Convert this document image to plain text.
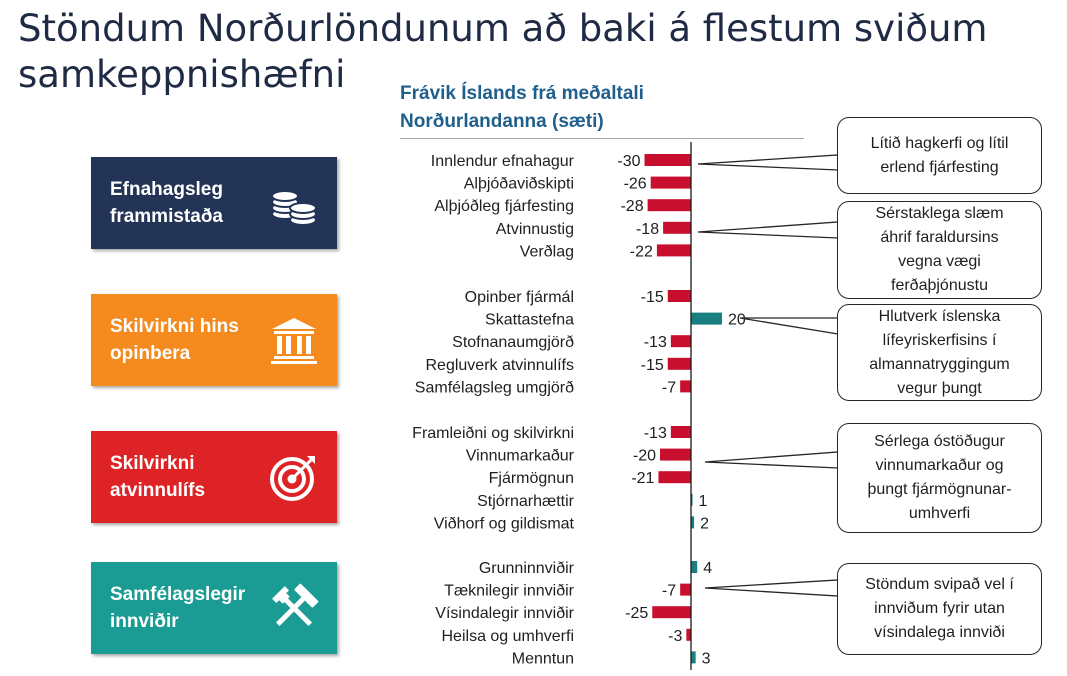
Stöndum Norðurlöndunum að baki á flestum sviðum samkeppnishæfni	Frávik Íslands frá meðaltali
Norðurlandanna (sæti)
Efnahagsleg frammistaða
Skilvirkni hins opinbera
Skilvirkni atvinnulífs
Samfélagslegir innviðir
Innlendur efnahagur	-30
Alþjóðaviðskipti	-26
Alþjóðleg fjárfesting	-28
Atvinnustig	-18
Verðlag	-22
Opinber fjármál	-15
Skattastefna	20
Stofnanaumgjörð	-13
Regluverk atvinnulífs	-15
Samfélagsleg umgjörð	-7
Framleiðni og skilvirkni	-13
Vinnumarkaður	-20
Fjármögnun	-21
Stjórnarhættir	1
Viðhorf og gildismat	2
Grunninnviðir	4
Tæknilegir innviðir	-7
Vísindalegir innviðir	-25
Heilsa og umhverfi	-3
Menntun	3
Lítið hagkerfi og lítil
erlend fjárfesting
Sérstaklega slæm
áhrif faraldursins
vegna vægi
ferðaþjónustu
Hlutverk íslenska
lífeyriskerfisins í
almannatryggingum
vegur þungt
Sérlega óstöðugur
vinnumarkaður og
þungt fjármögnunar-
umhverfi
Stöndum svipað vel í
innviðum fyrir utan
vísindalega innviði
